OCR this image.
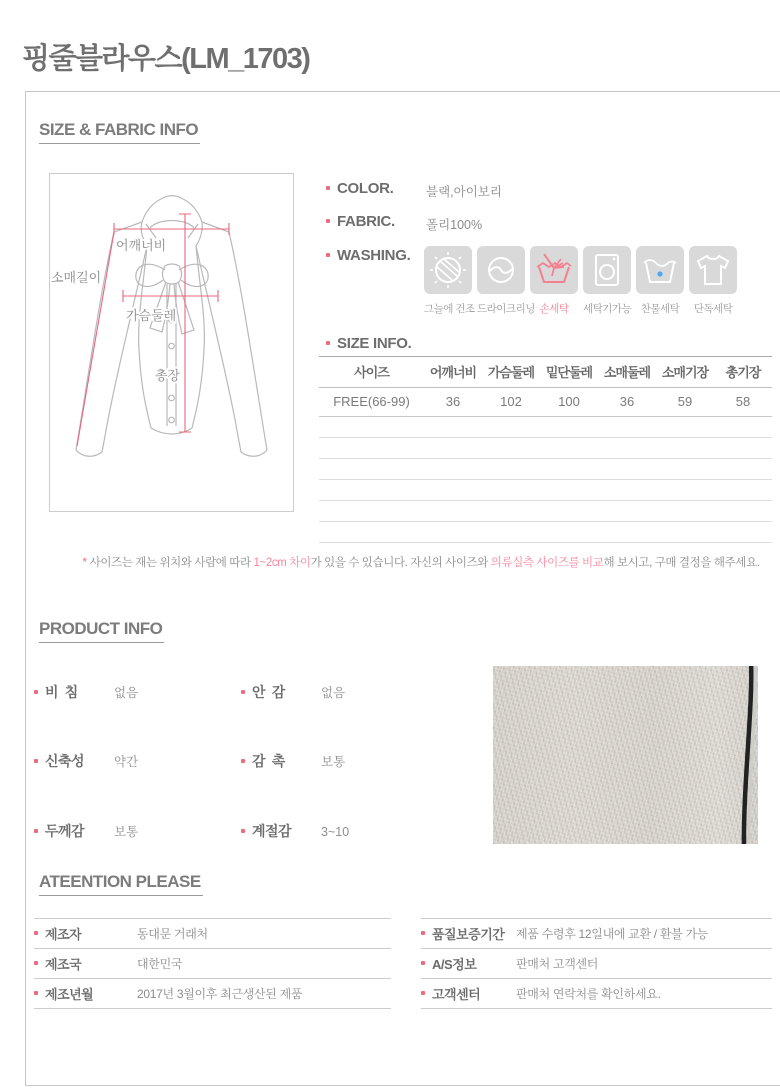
핑줄블라우스(LM_1703)
SIZE & FABRIC INFO
어깨너비
소매길이
가슴둘레
총장
COLOR.	블랙,아이보리
FABRIC. 폴리100%
WASHING.
그늘에 건조 드라이크리닝 손세탁	세탁기가능 찬물세탁	단독세탁
SIZE INFO.
사이즈	어깨너비	가슴둘레	밑단둘레	소매둘레	소매기장	총기장
FREE(66-99)	36	102	100	36	59	58

* 사이즈는 재는 위치와 사람에 따라 1~2cm 차이가 있을 수 있습니다. 자신의 사이즈와 의류실측 사이즈를 비교해 보시고, 구매 결정을 해주세요.
PRODUCT INFO
비  침	없음	안  감	없음
신축성 약간	감  촉	보통
두께감 보통	계절감 3~10
ATEENTION PLEASE
제조자	동대문 거래처
제조국	대한민국
제조년월	2017년 3월이후 최근생산된 제품
품질보증기간 제품 수령후 12일내에 교환 / 환불 가능
A/S정보	판매처 고객센터
고객센터	판매처 연락처를 확인하세요.
